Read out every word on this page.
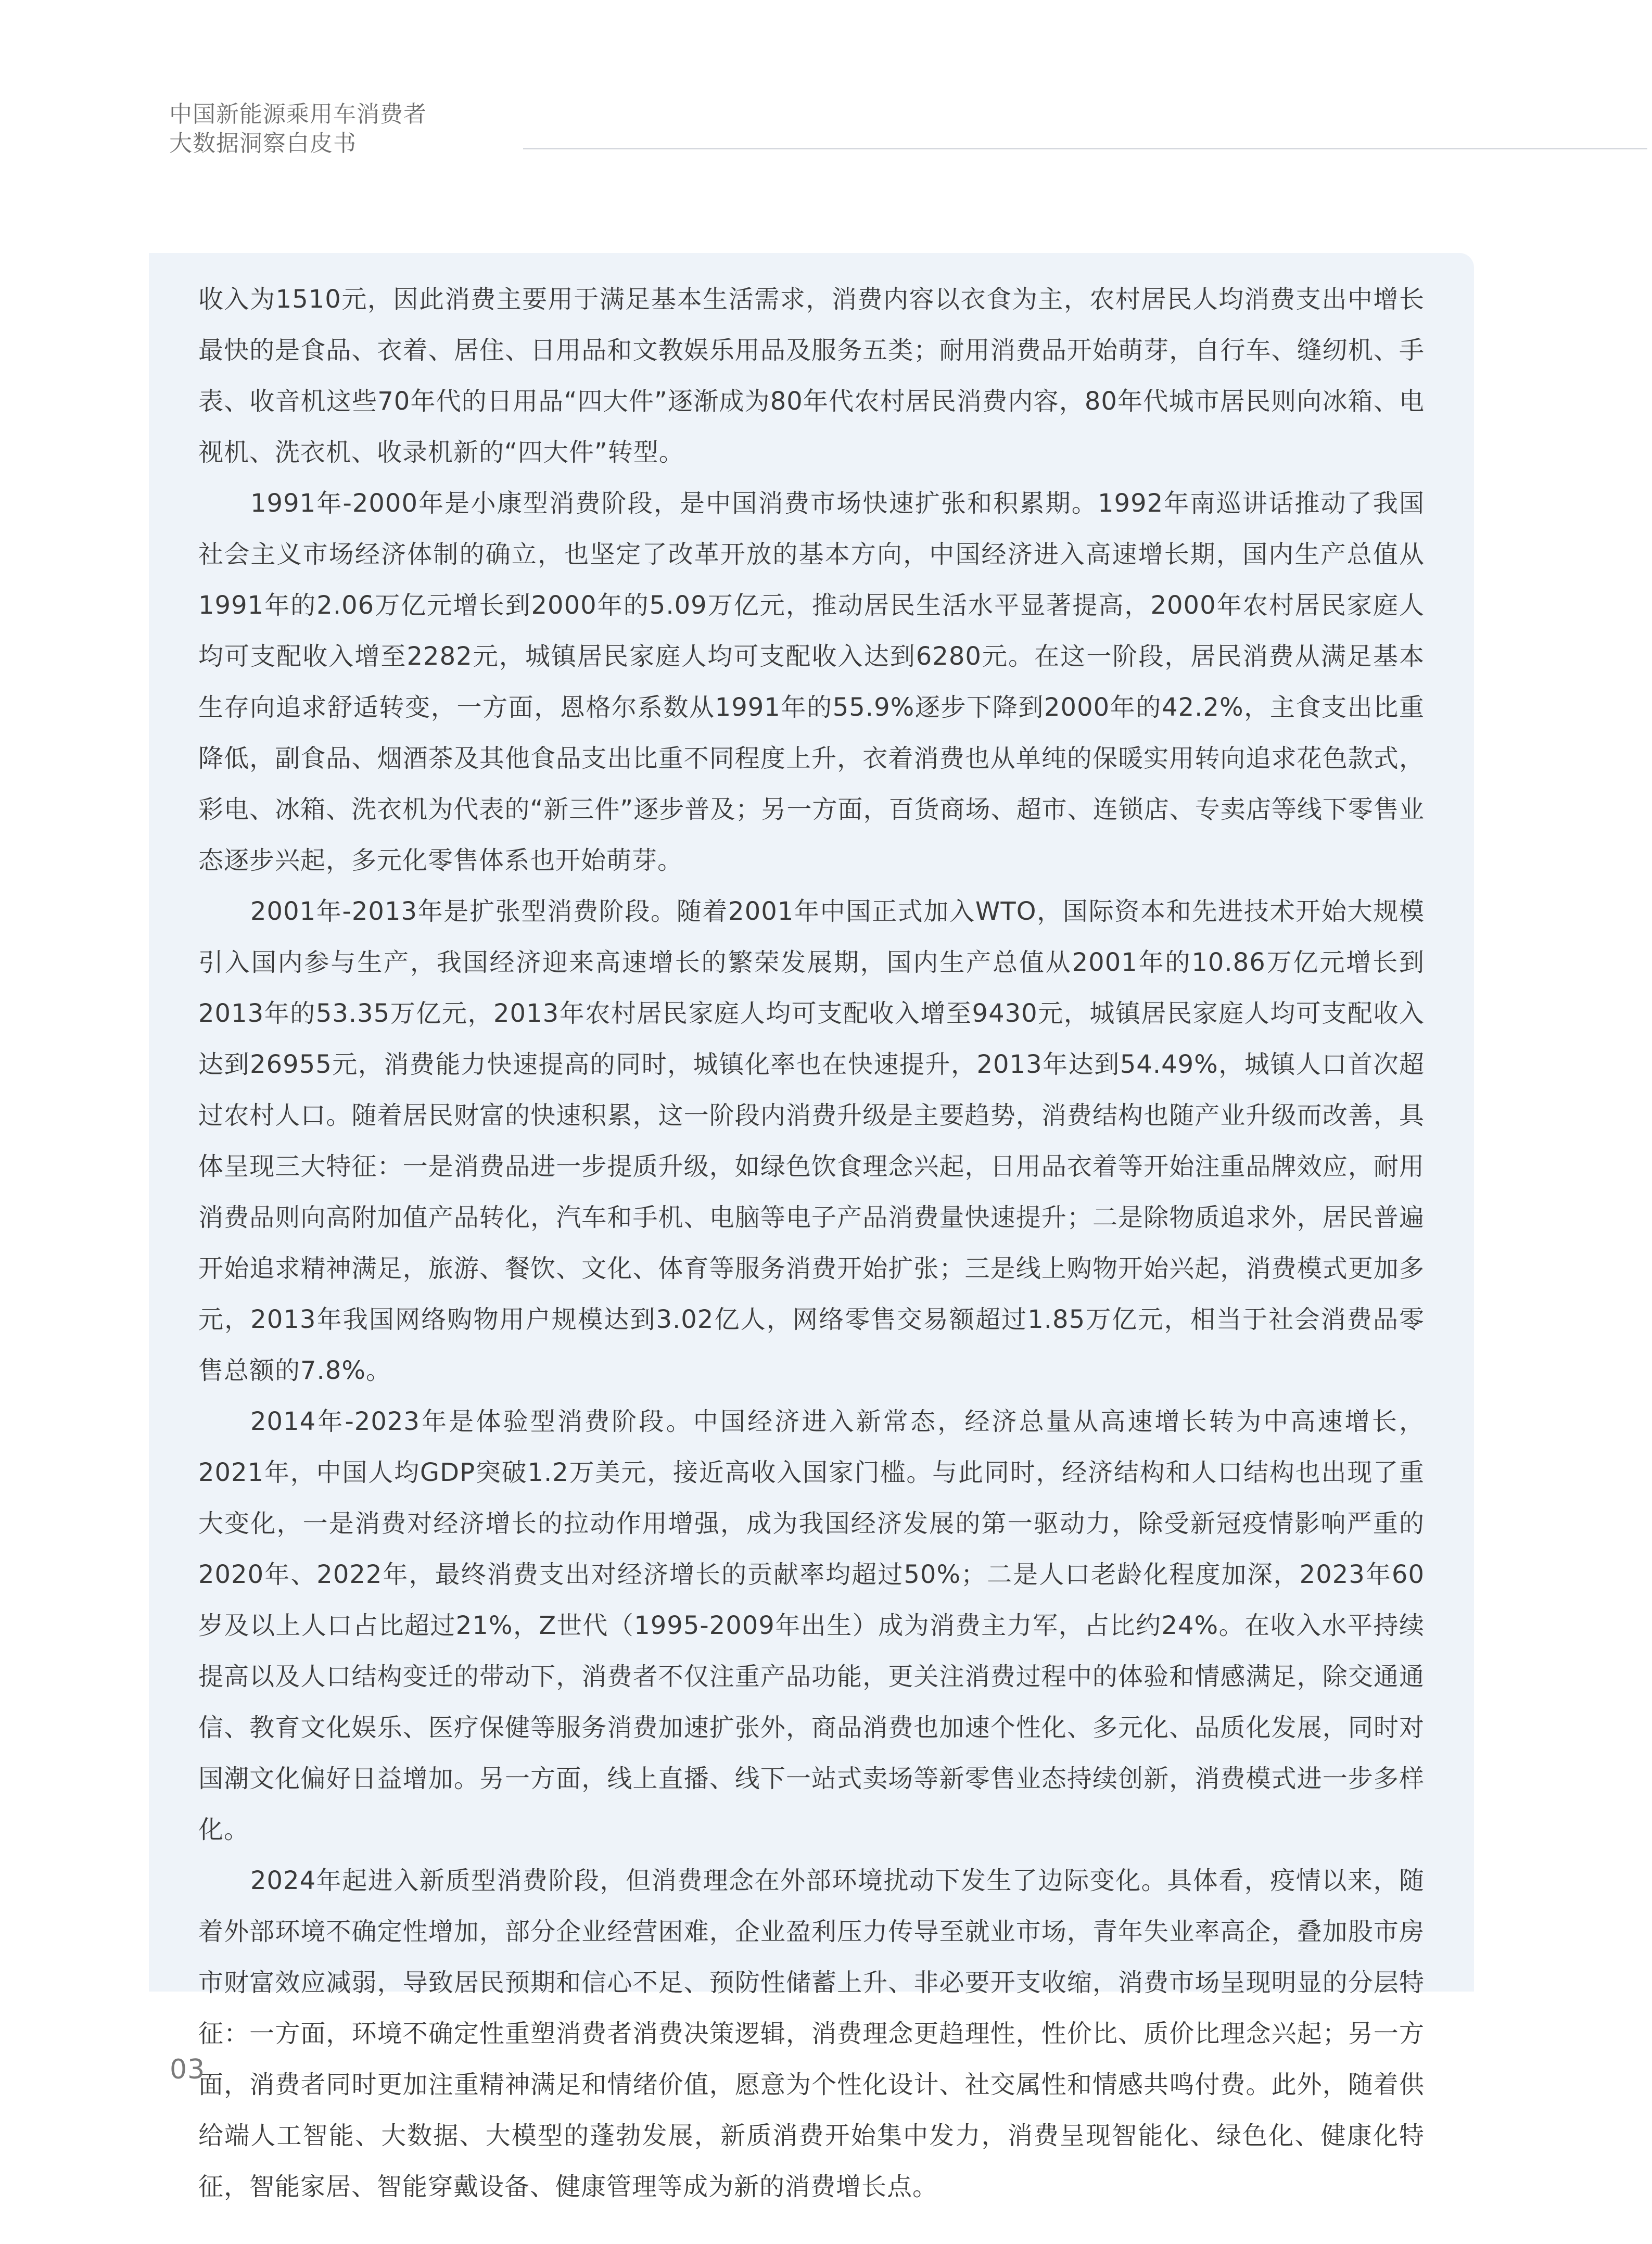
中国新能源乘用车消费者
大数据洞察白皮书

收入为1510元，因此消费主要用于满足基本生活需求，消费内容以衣食为主，农村居民人均消费支出中增长最快的是食品、衣着、居住、日用品和文教娱乐用品及服务五类；耐用消费品开始萌芽，自行车、缝纫机、手表、收音机这些70年代的日用品“四大件”逐渐成为80年代农村居民消费内容，80年代城市居民则向冰箱、电视机、洗衣机、收录机新的“四大件”转型。

1991年-2000年是小康型消费阶段，是中国消费市场快速扩张和积累期。1992年南巡讲话推动了我国社会主义市场经济体制的确立，也坚定了改革开放的基本方向，中国经济进入高速增长期，国内生产总值从1991年的2.06万亿元增长到2000年的5.09万亿元，推动居民生活水平显著提高，2000年农村居民家庭人均可支配收入增至2282元，城镇居民家庭人均可支配收入达到6280元。在这一阶段，居民消费从满足基本生存向追求舒适转变，一方面，恩格尔系数从1991年的55.9%逐步下降到2000年的42.2%，主食支出比重降低，副食品、烟酒茶及其他食品支出比重不同程度上升，衣着消费也从单纯的保暖实用转向追求花色款式，彩电、冰箱、洗衣机为代表的“新三件”逐步普及；另一方面，百货商场、超市、连锁店、专卖店等线下零售业态逐步兴起，多元化零售体系也开始萌芽。

2001年-2013年是扩张型消费阶段。随着2001年中国正式加入WTO，国际资本和先进技术开始大规模引入国内参与生产，我国经济迎来高速增长的繁荣发展期，国内生产总值从2001年的10.86万亿元增长到2013年的53.35万亿元，2013年农村居民家庭人均可支配收入增至9430元，城镇居民家庭人均可支配收入达到26955元，消费能力快速提高的同时，城镇化率也在快速提升，2013年达到54.49%，城镇人口首次超过农村人口。随着居民财富的快速积累，这一阶段内消费升级是主要趋势，消费结构也随产业升级而改善，具体呈现三大特征：一是消费品进一步提质升级，如绿色饮食理念兴起，日用品衣着等开始注重品牌效应，耐用消费品则向高附加值产品转化，汽车和手机、电脑等电子产品消费量快速提升；二是除物质追求外，居民普遍开始追求精神满足，旅游、餐饮、文化、体育等服务消费开始扩张；三是线上购物开始兴起，消费模式更加多元，2013年我国网络购物用户规模达到3.02亿人，网络零售交易额超过1.85万亿元，相当于社会消费品零售总额的7.8%。

2014年-2023年是体验型消费阶段。中国经济进入新常态，经济总量从高速增长转为中高速增长，2021年，中国人均GDP突破1.2万美元，接近高收入国家门槛。与此同时，经济结构和人口结构也出现了重大变化，一是消费对经济增长的拉动作用增强，成为我国经济发展的第一驱动力，除受新冠疫情影响严重的2020年、2022年，最终消费支出对经济增长的贡献率均超过50%；二是人口老龄化程度加深，2023年60岁及以上人口占比超过21%，Z世代（1995-2009年出生）成为消费主力军，占比约24%。在收入水平持续提高以及人口结构变迁的带动下，消费者不仅注重产品功能，更关注消费过程中的体验和情感满足，除交通通信、教育文化娱乐、医疗保健等服务消费加速扩张外，商品消费也加速个性化、多元化、品质化发展，同时对国潮文化偏好日益增加。另一方面，线上直播、线下一站式卖场等新零售业态持续创新，消费模式进一步多样化。

2024年起进入新质型消费阶段，但消费理念在外部环境扰动下发生了边际变化。具体看，疫情以来，随着外部环境不确定性增加，部分企业经营困难，企业盈利压力传导至就业市场，青年失业率高企，叠加股市房市财富效应减弱，导致居民预期和信心不足、预防性储蓄上升、非必要开支收缩，消费市场呈现明显的分层特征：一方面，环境不确定性重塑消费者消费决策逻辑，消费理念更趋理性，性价比、质价比理念兴起；另一方面，消费者同时更加注重精神满足和情绪价值，愿意为个性化设计、社交属性和情感共鸣付费。此外，随着供给端人工智能、大数据、大模型的蓬勃发展，新质消费开始集中发力，消费呈现智能化、绿色化、健康化特征，智能家居、智能穿戴设备、健康管理等成为新的消费增长点。

03
